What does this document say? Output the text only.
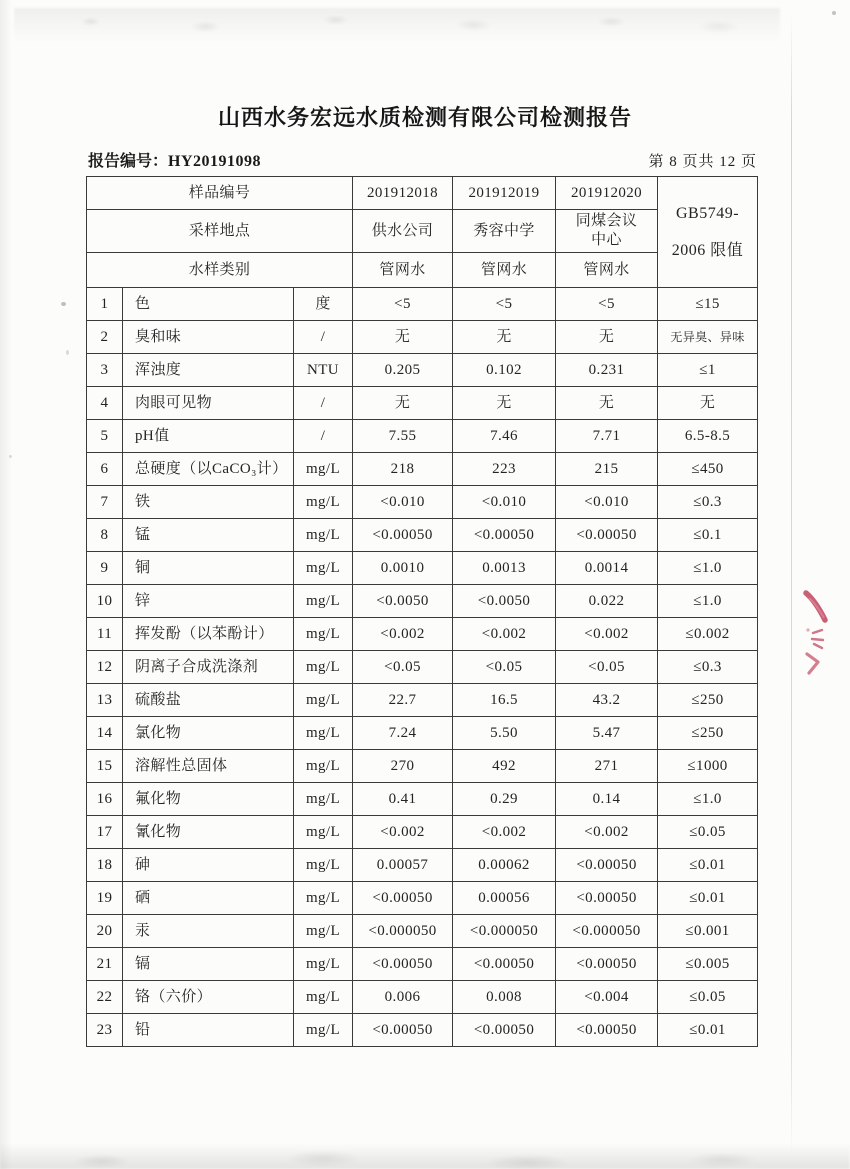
山西水务宏远水质检测有限公司检测报告
报告编号：HY20191098	第 8 页共 12 页
样品编号			201912018	201912019	201912020	GB5749-
2006 限值

采样地点			供水公司	秀容中学	同煤会议中心	
水样类别			管网水	管网水	管网水	
1	色	度	<5	<5	<5	≤15
2	臭和味	/	无	无	无	无异臭、异味
3	浑浊度	NTU	0.205	0.102	0.231	≤1
4	肉眼可见物	/	无	无	无	无
5	pH值	/	7.55	7.46	7.71	6.5-8.5
6	总硬度（以CaCO₃计）	mg/L	218	223	215	≤450
7	铁	mg/L	<0.010	<0.010	<0.010	≤0.3
8	锰	mg/L	<0.00050	<0.00050	<0.00050	≤0.1
9	铜	mg/L	0.0010	0.0013	0.0014	≤1.0
10	锌	mg/L	<0.0050	<0.0050	0.022	≤1.0
11	挥发酚（以苯酚计）	mg/L	<0.002	<0.002	<0.002	≤0.002
12	阴离子合成洗涤剂	mg/L	<0.05	<0.05	<0.05	≤0.3
13	硫酸盐	mg/L	22.7	16.5	43.2	≤250
14	氯化物	mg/L	7.24	5.50	5.47	≤250
15	溶解性总固体	mg/L	270	492	271	≤1000
16	氟化物	mg/L	0.41	0.29	0.14	≤1.0
17	氰化物	mg/L	<0.002	<0.002	<0.002	≤0.05
18	砷	mg/L	0.00057	0.00062	<0.00050	≤0.01
19	硒	mg/L	<0.00050	0.00056	<0.00050	≤0.01
20	汞	mg/L	<0.000050	<0.000050	<0.000050	≤0.001
21	镉	mg/L	<0.00050	<0.00050	<0.00050	≤0.005
22	铬（六价）	mg/L	0.006	0.008	<0.004	≤0.05
23	铅	mg/L	<0.00050	<0.00050	<0.00050	≤0.01
